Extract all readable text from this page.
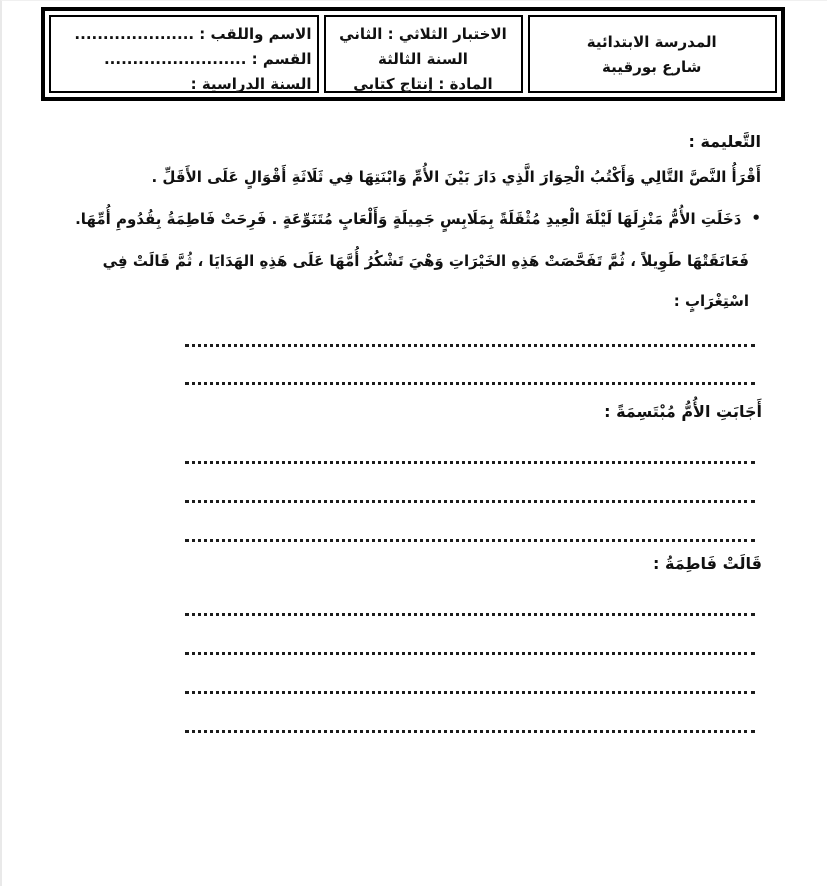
المدرسة الابتدائية
شارع بورقيبة
الاختبار الثلاثي : الثاني
السنة الثالثة
المادة : إنتاج كتابي
الاسم واللقب : .....................
القسم : .........................
السنة الدراسية :
التَّعليمة :
أَقْرَأُ النَّصَّ التَّالِي وَأَكْتُبُ الْحِوَارَ الَّذِي دَارَ بَيْنَ الأُمِّ وَابْنَتِهَا فِي ثَلَاثَةِ أَقْوَالٍ عَلَى الأَقَلِّ .
•دَخَلَتِ الأُمُّ مَنْزِلَهَا لَيْلَةَ الْعِيدِ مُثْقَلَةً بِمَلَابِسٍ جَمِيلَةٍ وَأَلْعَابٍ مُتَنَوِّعَةٍ . فَرِحَتْ فَاطِمَةُ بِقُدُومِ أُمِّهَا.
فَعَانَقَتْهَا طَوِيلاً ، ثُمَّ تَفَحَّصَتْ هَذِهِ الخَيْرَاتِ وَهْيَ تَشْكُرُ أُمَّهَا عَلَى هَذِهِ الهَدَايَا ، ثُمَّ قَالَتْ فِي
اسْتِغْرَابٍ :
أَجَابَتِ الأُمُّ مُبْتَسِمَةً :
قَالَتْ فَاطِمَةُ :
